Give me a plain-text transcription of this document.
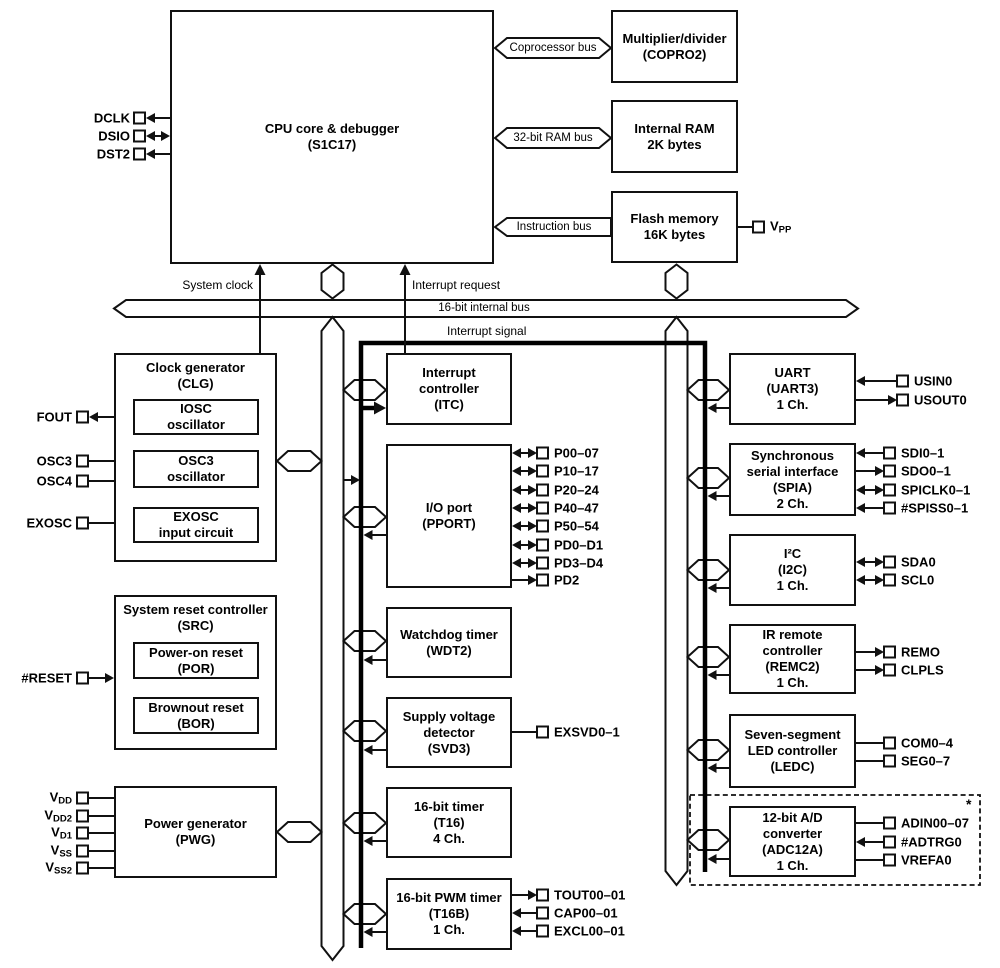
CPU core & debugger
(S1C17)
Multiplier/divider
(COPRO2)
Internal RAM
2K bytes
Flash memory
16K bytes
Clock generator
(CLG)
IOSC
oscillator
OSC3
oscillator
EXOSC
input circuit
System reset controller
(SRC)
Power-on reset
(POR)
Brownout reset
(BOR)
Power generator
(PWG)
Interrupt
controller
(ITC)
I/O port
(PPORT)
Watchdog timer
(WDT2)
Supply voltage
detector
(SVD3)
16-bit timer
(T16)
4 Ch.
16-bit PWM timer
(T16B)
1 Ch.
UART
(UART3)
1 Ch.
Synchronous
serial interface
(SPIA)
2 Ch.
I²C
(I2C)
1 Ch.
IR remote
controller
(REMC2)
1 Ch.
Seven-segment
LED controller
(LEDC)
12-bit A/D
converter
(ADC12A)
1 Ch.
Coprocessor bus
32-bit RAM bus
Instruction bus
16-bit internal bus
System clock	Interrupt request
Interrupt signal
DCLK
DSIO
DST2
$V_{PP}$
FOUT
OSC3
OSC4
EXOSC
#RESET
$V_{DD}$
$V_{DD2}$
$V_{D1}$
$V_{SS}$
$V_{SS2}$
P00–07
P10–17
P20–24
P40–47
P50–54
PD0–D1
PD3–D4
PD2
EXSVD0–1
TOUT00–01
CAP00–01
EXCL00–01
USIN0
USOUT0
SDI0–1
SDO0–1
SPICLK0–1
#SPISS0–1
SDA0
SCL0
REMO
CLPLS
COM0–4
SEG0–7
ADIN00–07
#ADTRG0
VREFA0
*
